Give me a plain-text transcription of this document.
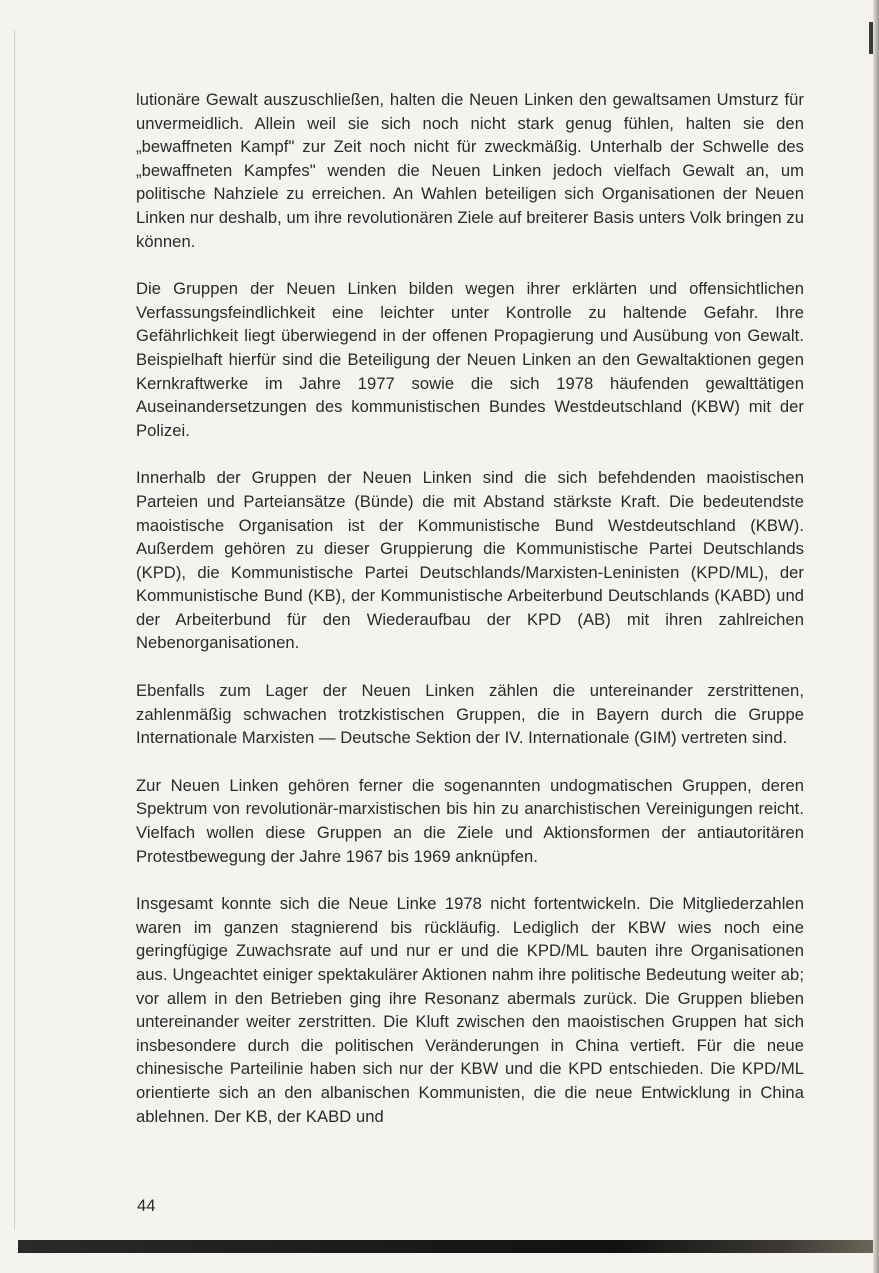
lutionäre Gewalt auszuschließen, halten die Neuen Linken den gewaltsamen Umsturz für unvermeidlich. Allein weil sie sich noch nicht stark genug fühlen, halten sie den „bewaffneten Kampf" zur Zeit noch nicht für zweckmäßig. Unterhalb der Schwelle des „bewaffneten Kampfes" wenden die Neuen Linken jedoch vielfach Gewalt an, um politische Nahziele zu erreichen. An Wahlen beteiligen sich Organisationen der Neuen Linken nur deshalb, um ihre revolutionären Ziele auf breiterer Basis unters Volk bringen zu können.

Die Gruppen der Neuen Linken bilden wegen ihrer erklärten und offensichtlichen Verfassungsfeindlichkeit eine leichter unter Kontrolle zu haltende Gefahr. Ihre Gefährlichkeit liegt überwiegend in der offenen Propagierung und Ausübung von Gewalt. Beispielhaft hierfür sind die Beteiligung der Neuen Linken an den Gewaltaktionen gegen Kernkraftwerke im Jahre 1977 sowie die sich 1978 häufenden gewalttätigen Auseinandersetzungen des kommunistischen Bundes Westdeutschland (KBW) mit der Polizei.

Innerhalb der Gruppen der Neuen Linken sind die sich befehdenden maoistischen Parteien und Parteiansätze (Bünde) die mit Abstand stärkste Kraft. Die bedeutendste maoistische Organisation ist der Kommunistische Bund Westdeutschland (KBW). Außerdem gehören zu dieser Gruppierung die Kommunistische Partei Deutschlands (KPD), die Kommunistische Partei Deutschlands/Marxisten-Leninisten (KPD/ML), der Kommunistische Bund (KB), der Kommunistische Arbeiterbund Deutschlands (KABD) und der Arbeiterbund für den Wiederaufbau der KPD (AB) mit ihren zahlreichen Nebenorganisationen.

Ebenfalls zum Lager der Neuen Linken zählen die untereinander zerstrittenen, zahlenmäßig schwachen trotzkistischen Gruppen, die in Bayern durch die Gruppe Internationale Marxisten — Deutsche Sektion der IV. Internationale (GIM) vertreten sind.

Zur Neuen Linken gehören ferner die sogenannten undogmatischen Gruppen, deren Spektrum von revolutionär-marxistischen bis hin zu anarchistischen Vereinigungen reicht. Vielfach wollen diese Gruppen an die Ziele und Aktionsformen der antiautoritären Protestbewegung der Jahre 1967 bis 1969 anknüpfen.

Insgesamt konnte sich die Neue Linke 1978 nicht fortentwickeln. Die Mitgliederzahlen waren im ganzen stagnierend bis rückläufig. Lediglich der KBW wies noch eine geringfügige Zuwachsrate auf und nur er und die KPD/ML bauten ihre Organisationen aus. Ungeachtet einiger spektakulärer Aktionen nahm ihre politische Bedeutung weiter ab; vor allem in den Betrieben ging ihre Resonanz abermals zurück. Die Gruppen blieben untereinander weiter zerstritten. Die Kluft zwischen den maoistischen Gruppen hat sich insbesondere durch die politischen Veränderungen in China vertieft. Für die neue chinesische Parteilinie haben sich nur der KBW und die KPD entschieden. Die KPD/ML orientierte sich an den albanischen Kommunisten, die die neue Entwicklung in China ablehnen. Der KB, der KABD und

44
